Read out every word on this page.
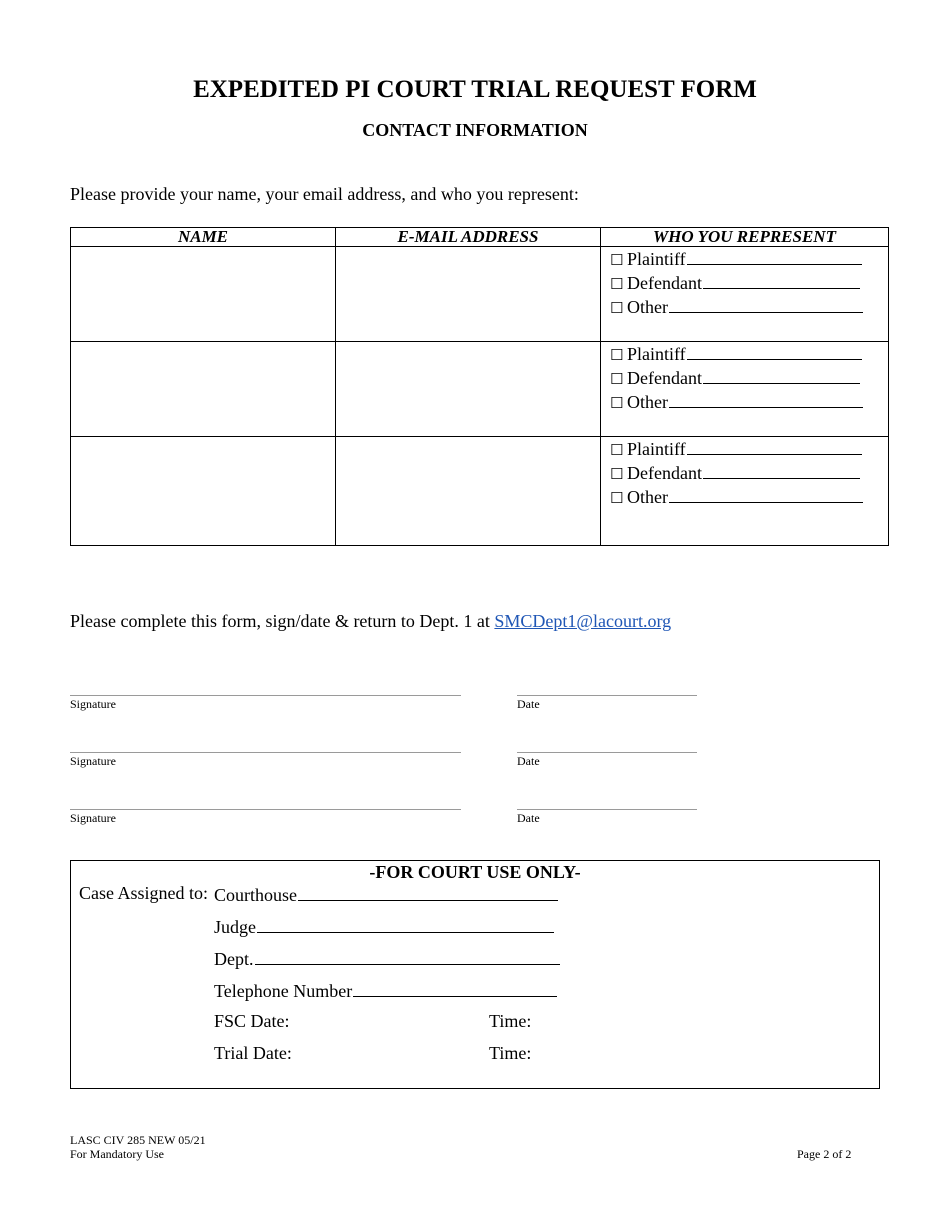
EXPEDITED PI COURT TRIAL REQUEST FORM
CONTACT INFORMATION
Please provide your name, your email address, and who you represent:
NAME	E-MAIL ADDRESS	WHO YOU REPRESENT

		☐ Plaintiff
☐ Defendant
☐ Other

		☐ Plaintiff
☐ Defendant
☐ Other

		☐ Plaintiff
☐ Defendant
☐ Other
Please complete this form, sign/date & return to Dept. 1 at SMCDept1@lacourt.org
Signature	Date
Signature	Date
Signature	Date
-FOR COURT USE ONLY-
Case Assigned to: Courthouse
Judge
Dept.
Telephone Number
FSC Date:	Time:
Trial Date:	Time:
LASC CIV 285 NEW 05/21
For Mandatory Use	Page 2 of 2
